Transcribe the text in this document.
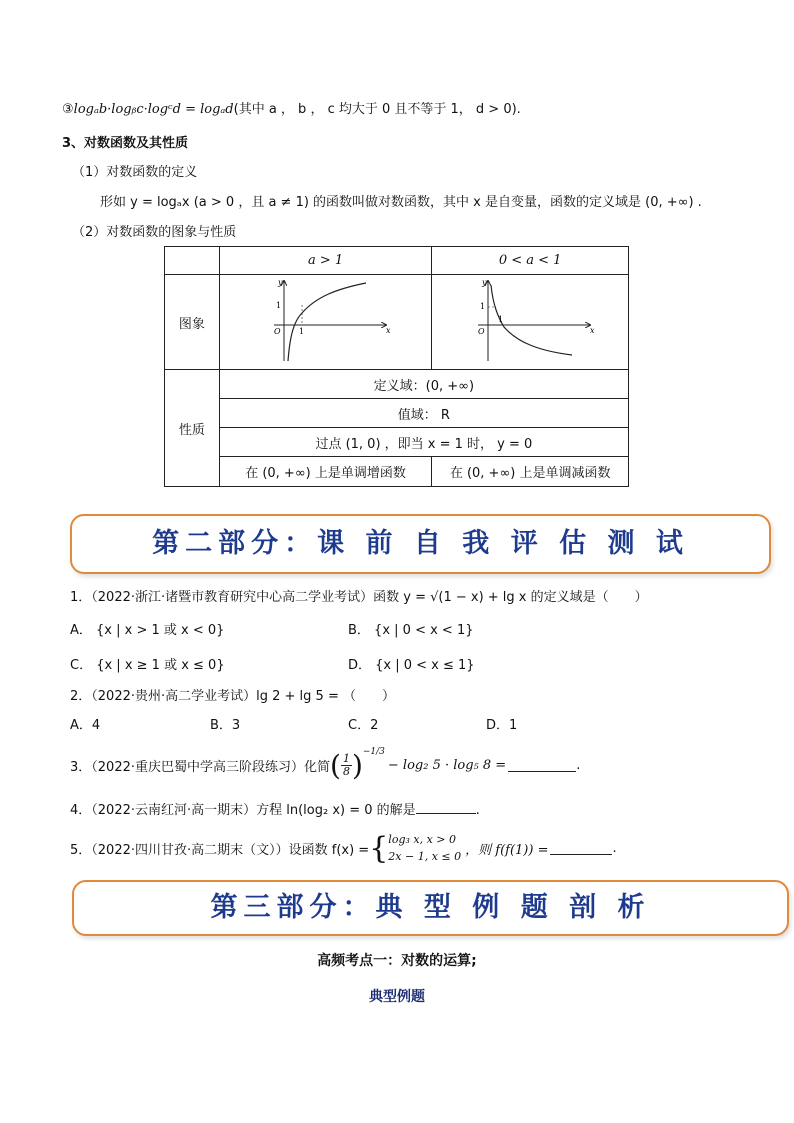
③logₐb·logᵦc·logᶜd = logₐd(其中 a ， b ， c 均大于 0 且不等于 1， d > 0).
3、对数函数及其性质
（1）对数函数的定义
形如 y = logₐx (a > 0 ，且 a ≠ 1) 的函数叫做对数函数，其中 x 是自变量，函数的定义域是 (0, +∞) .
（2）对数函数的图象与性质
	a > 1	0 < a < 1
图象	y
x
O 1
1	y
x
O
1
1

性质	定义域：(0, +∞)	
	值域： R	
	过点 (1, 0) ，即当 x = 1 时， y = 0	
	在 (0, +∞) 上是单调增函数	在 (0, +∞) 上是单调减函数
第二部分：课 前 自 我 评 估 测 试
1．（2022·浙江·诸暨市教育研究中心高二学业考试）函数 y = √(1 − x) + lg x 的定义域是（　　）
A． {x | x > 1 或 x < 0}	B． {x | 0 < x < 1}
C． {x | x ≥ 1 或 x ≤ 0}	D． {x | 0 < x ≤ 1}
2．（2022·贵州·高二学业考试）lg 2 + lg 5 = （　　）
A．4	B．3	C．2	D．1
3．（2022·重庆巴蜀中学高三阶段练习）化简 ( $\frac{1}{8}$ ) −1/3
− log₂ 5 · log₅ 8 =	.
4．（2022·云南红河·高一期末）方程 ln(log₂ x) = 0 的解是	.
5．（2022·四川甘孜·高二期末（文））设函数 f(x) = { log₃ x, x > 0
2x − 1, x ≤ 0 ，则 f(f(1)) =	.
第三部分：典 型 例 题 剖 析
高频考点一：对数的运算;
典型例题
